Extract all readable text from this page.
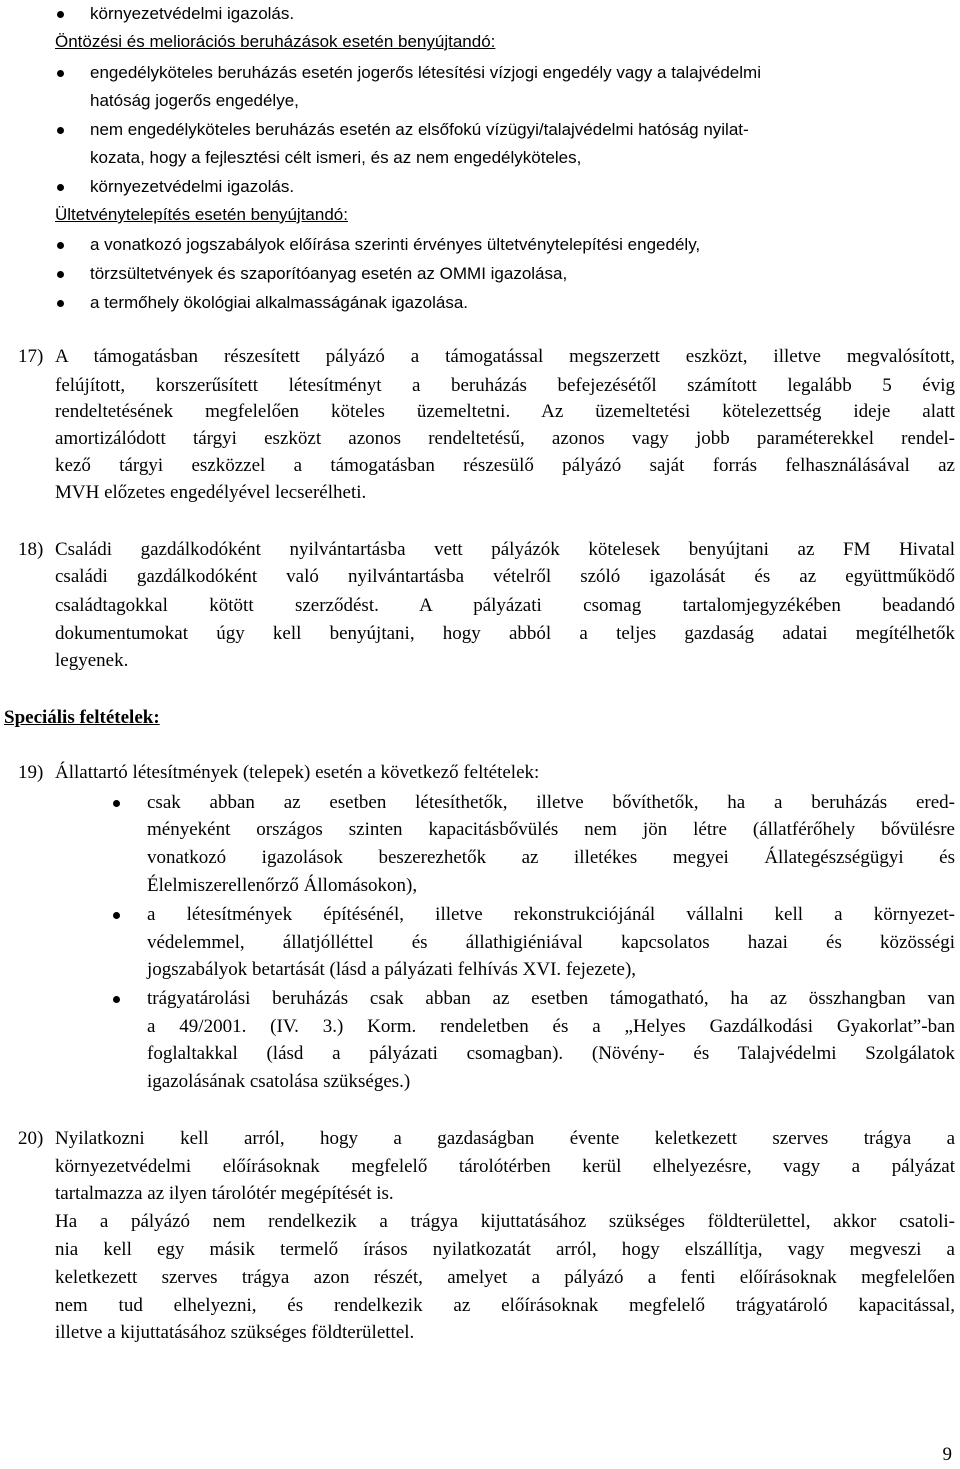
környezetvédelmi igazolás.
Öntözési és meliorációs beruházások esetén benyújtandó:
engedélyköteles beruházás esetén jogerős létesítési vízjogi engedély vagy a talajvédelmi
hatóság jogerős engedélye,
nem engedélyköteles beruházás esetén az elsőfokú vízügyi/talajvédelmi hatóság nyilat-
kozata, hogy a fejlesztési célt ismeri, és az nem engedélyköteles,
környezetvédelmi igazolás.
Ültetvénytelepítés esetén benyújtandó:
a vonatkozó jogszabályok előírása szerinti érvényes ültetvénytelepítési engedély,
törzsültetvények és szaporítóanyag esetén az OMMI igazolása,
a termőhely ökológiai alkalmasságának igazolása.
17) A támogatásban részesített pályázó a támogatással megszerzett eszközt, illetve megvalósított,
felújított, korszerűsített létesítményt a beruházás befejezésétől számított legalább 5 évig
rendeltetésének megfelelően köteles üzemeltetni. Az üzemeltetési kötelezettség ideje alatt
amortizálódott tárgyi eszközt azonos rendeltetésű, azonos vagy jobb paraméterekkel rendel-
kező tárgyi eszközzel a támogatásban részesülő pályázó saját forrás felhasználásával az
MVH előzetes engedélyével lecserélheti.
18) Családi gazdálkodóként nyilvántartásba vett pályázók kötelesek benyújtani az FM Hivatal
családi gazdálkodóként való nyilvántartásba vételről szóló igazolását és az együttműködő
családtagokkal kötött szerződést. A pályázati csomag tartalomjegyzékében beadandó
dokumentumokat úgy kell benyújtani, hogy abból a teljes gazdaság adatai megítélhetők
legyenek.
Speciális feltételek:
19) Állattartó létesítmények (telepek) esetén a következő feltételek:
csak abban az esetben létesíthetők, illetve bővíthetők, ha a beruházás ered-
ményeként országos szinten kapacitásbővülés nem jön létre (állatférőhely bővülésre
vonatkozó igazolások beszerezhetők az illetékes megyei Állategészségügyi és
Élelmiszerellenőrző Állomásokon),
a létesítmények építésénél, illetve rekonstrukciójánál vállalni kell a környezet-
védelemmel, állatjólléttel és állathigiéniával kapcsolatos hazai és közösségi
jogszabályok betartását (lásd a pályázati felhívás XVI. fejezete),
trágyatárolási beruházás csak abban az esetben támogatható, ha az összhangban van
a 49/2001. (IV. 3.) Korm. rendeletben és a „Helyes Gazdálkodási Gyakorlat”-ban
foglaltakkal (lásd a pályázati csomagban). (Növény- és Talajvédelmi Szolgálatok
igazolásának csatolása szükséges.)
20) Nyilatkozni kell arról, hogy a gazdaságban évente keletkezett szerves trágya a
környezetvédelmi előírásoknak megfelelő tárolótérben kerül elhelyezésre, vagy a pályázat
tartalmazza az ilyen tárolótér megépítését is.
Ha a pályázó nem rendelkezik a trágya kijuttatásához szükséges földterülettel, akkor csatoli-
nia kell egy másik termelő írásos nyilatkozatát arról, hogy elszállítja, vagy megveszi a
keletkezett szerves trágya azon részét, amelyet a pályázó a fenti előírásoknak megfelelően
nem tud elhelyezni, és rendelkezik az előírásoknak megfelelő trágyatároló kapacitással,
illetve a kijuttatásához szükséges földterülettel.
9
